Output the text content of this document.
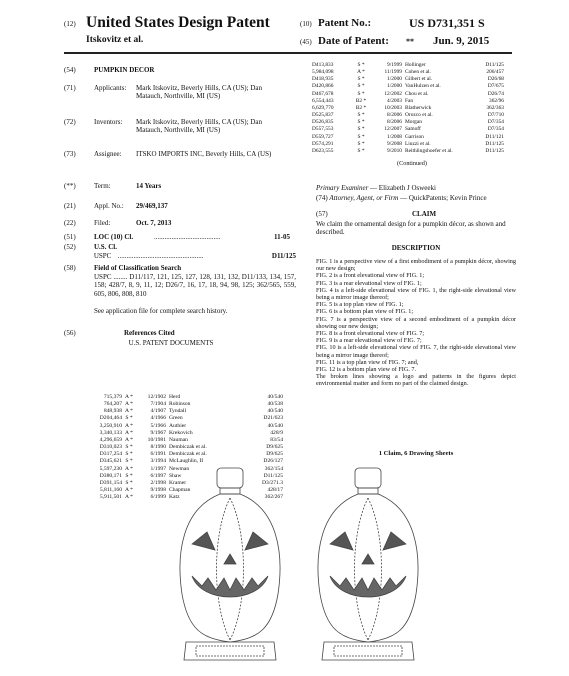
(12) United States Design Patent
Itskovitz et al.
(10) Patent No.:	US D731,351 S
(45) Date of Patent: ** Jun. 9, 2015
(54)	PUMPKIN DECOR
(71)	Applicants:	Mark Itskovitz, Beverly Hills, CA (US); Dan Matauch, Northville, MI (US)
(72)	Inventors:	Mark Itskovitz, Beverly Hills, CA (US); Dan Matauch, Northville, MI (US)
(73)	Assignee:	ITSKO IMPORTS INC, Beverly Hills, CA (US)
(**)	Term:	14 Years
(21)	Appl. No.:	29/469,137
(22)	Filed:	Oct. 7, 2013
(51)	LOC (10) Cl.	......................................	11-05
(52)	U.S. Cl.
USPC .................................................	D11/125
(58)	Field of Classification Search
USPC ........ D11/117, 121, 125, 127, 128, 131, 132, D11/133, 134, 157, 158; 428/7, 8, 9, 11, 12; D26/7, 16, 17, 18, 94, 98, 125; 362/565, 559, 605, 806, 808, 810
See application file for complete search history.
(56)	References Cited
U.S. PATENT DOCUMENTS
715,379 A *	12/1902 Herd	40/540
764,207 A *	7/1904 Robinson	40/538
848,938 A *	4/1907 Tyndall	40/540
D204,464 S *	4/1966 Green	D21/623
3,250,910 A *	5/1966 Authier	40/540
3,340,133 A *	9/1967 Krekovich	428/9
4,296,659 A *	10/1981 Nauman	83/54
D310,023 S *	8/1990 Dembiczak et al.	D9/625
D317,254 S *	6/1991 Dembiczak et al.	D9/625
D345,621 S *	3/1994 McLaughlin, II	D26/127
5,597,230 A *	1/1997 Newman	362/154
D380,171 S *	6/1997 Shaw	D11/125
D391,154 S *	2/1998 Kramer	D3/271.3
5,811,160 A *	9/1998 Chapman	428/17
5,911,501 A *	6/1999 Katz	362/267
D413,833	S *	9/1999 Hollinger	D11/125
5,984,098	A *	11/1999 Cohen et al.	206/457
D418,935	S *	1/2000 Gilbert et al.	D26/68
D420,866	S *	1/2000 VanHulzen et al.	D7/675
D467,678	S *	12/2002 Chou et al.	D26/74
6,554,443	B2 *	4/2003 Fan	362/96
6,629,770	B2 *	10/2003 Blatherwick	362/363
D525,837	S *	8/2006 Orozco et al.	D7/710
D526,835	S *	8/2006 Morgan	D7/354
D557,553	S *	12/2007 Samoff	D7/354
D559,727	S *	1/2008 Garrison	D11/121
D574,291	S *	9/2008 Liuzzi et al.	D11/125
D623,555	S *	9/2010 Reithlingshoefer et al.	D11/125
(Continued)
Primary Examiner — Elizabeth J Osweeki
(74) Attorney, Agent, or Firm — QuickPatents; Kevin Prince
(57)	CLAIM
We claim the ornamental design for a pumpkin décor, as shown and described.
DESCRIPTION
FIG. 1 is a perspective view of a first embodiment of a pumpkin décor, showing our new design;
FIG. 2 is a front elevational view of FIG. 1;
FIG. 3 is a rear elevational view of FIG. 1;
FIG. 4 is a left-side elevational view of FIG. 1, the right-side elevational view being a mirror image thereof;
FIG. 5 is a top plan view of FIG. 1;
FIG. 6 is a bottom plan view of FIG. 1;
FIG. 7 is a perspective view of a second embodiment of a pumpkin décor showing our new design;
FIG. 8 is a front elevational view of FIG. 7;
FIG. 9 is a rear elevational view of FIG. 7;
FIG. 10 is a left-side elevational view of FIG. 7, the right-side elevational view being a mirror image thereof;
FIG. 11 is a top plan view of FIG. 7; and,
FIG. 12 is a bottom plan view of FIG. 7.
The broken lines showing a logo and patterns in the figures depict environmental matter and form no part of the claimed design.
1 Claim, 6 Drawing Sheets
